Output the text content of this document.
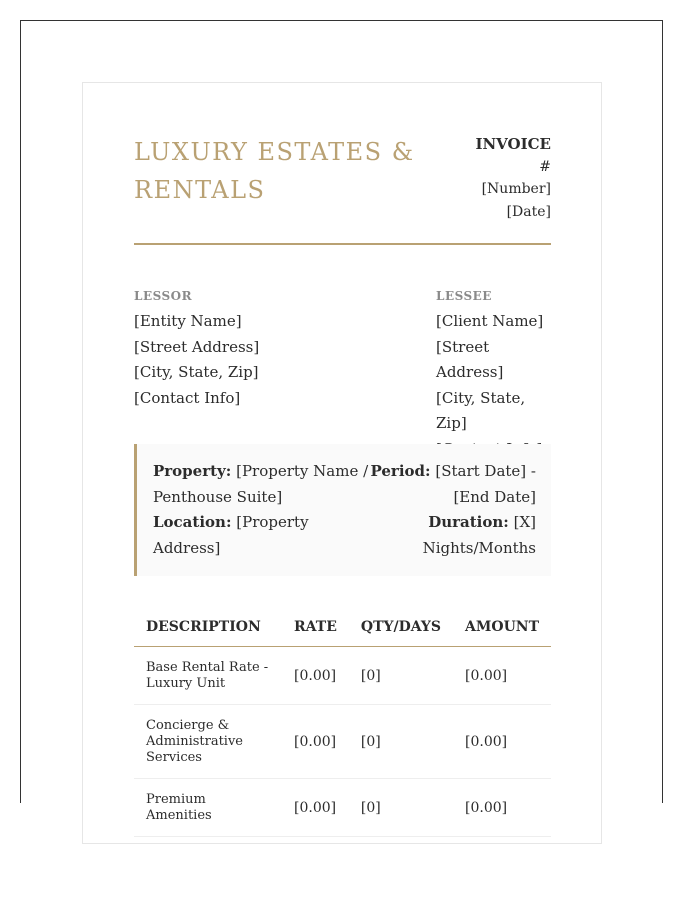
LUXURY ESTATES &
RENTALS
INVOICE
#
[Number]
[Date]
LESSOR
[Entity Name]
[Street Address]
[City, State, Zip]
[Contact Info]
LESSEE
[Client Name]
[Street Address]
[City, State, Zip]
Property: [Property Name / Penthouse Suite]
Location: [Property Address]
Period: [Start Date] - [End Date]
Duration: [X] Nights/Months
DESCRIPTION	RATE	QTY/DAYS	AMOUNT
Base Rental Rate - Luxury Unit	[0.00]	[0]	[0.00]
Concierge & Administrative Services	[0.00]	[0]	[0.00]
Premium Amenities	[0.00]	[0]	[0.00]
